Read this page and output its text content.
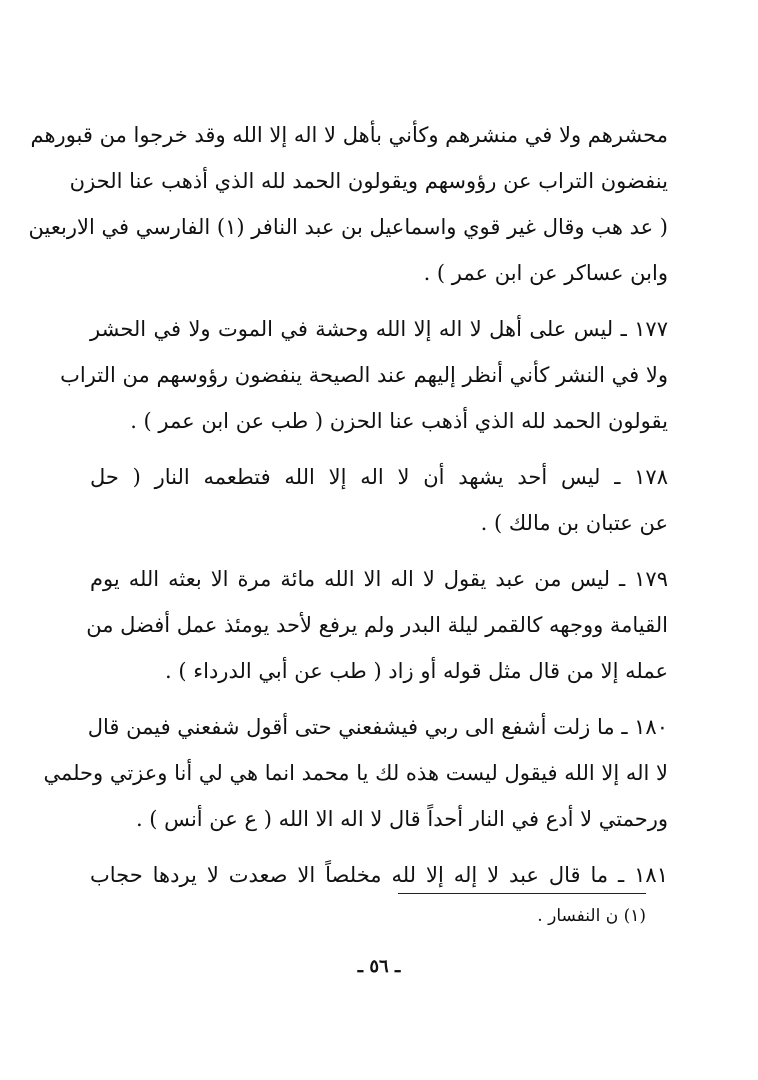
محشرهم ولا في منشرهم وكأني بأهل لا اله إلا الله وقد خرجوا من قبورهم
ينفضون التراب عن رؤوسهم ويقولون الحمد لله الذي أذهب عنا الحزن
( عد هب وقال غير قوي واسماعيل بن عبد النافر (١) الفارسي في الاربعين
وابن عساكر عن ابن عمر ) .
١٧٧ ـ ليس على أهل لا اله إلا الله وحشة في الموت ولا في الحشر
ولا في النشر كأني أنظر إليهم عند الصيحة ينفضون رؤوسهم من التراب
يقولون الحمد لله الذي أذهب عنا الحزن ( طب عن ابن عمر ) .
١٧٨ ـ ليس أحد يشهد أن لا اله إلا الله فتطعمه النار ( حل
عن عتبان بن مالك ) .
١٧٩ ـ ليس من عبد يقول لا اله الا الله مائة مرة الا بعثه الله يوم
القيامة ووجهه كالقمر ليلة البدر ولم يرفع لأحد يومئذ عمل أفضل من
عمله إلا من قال مثل قوله أو زاد ( طب عن أبي الدرداء ) .
١٨٠ ـ ما زلت أشفع الى ربي فيشفعني حتى أقول شفعني فيمن قال
لا اله إلا الله فيقول ليست هذه لك يا محمد انما هي لي أنا وعزتي وحلمي
ورحمتي لا أدع في النار أحداً قال لا اله الا الله ( ع عن أنس ) .
١٨١ ـ ما قال عبد لا إله إلا لله مخلصاً الا صعدت لا يردها حجاب
(١) ن النفسار .
ـ ٥٦ ـ
